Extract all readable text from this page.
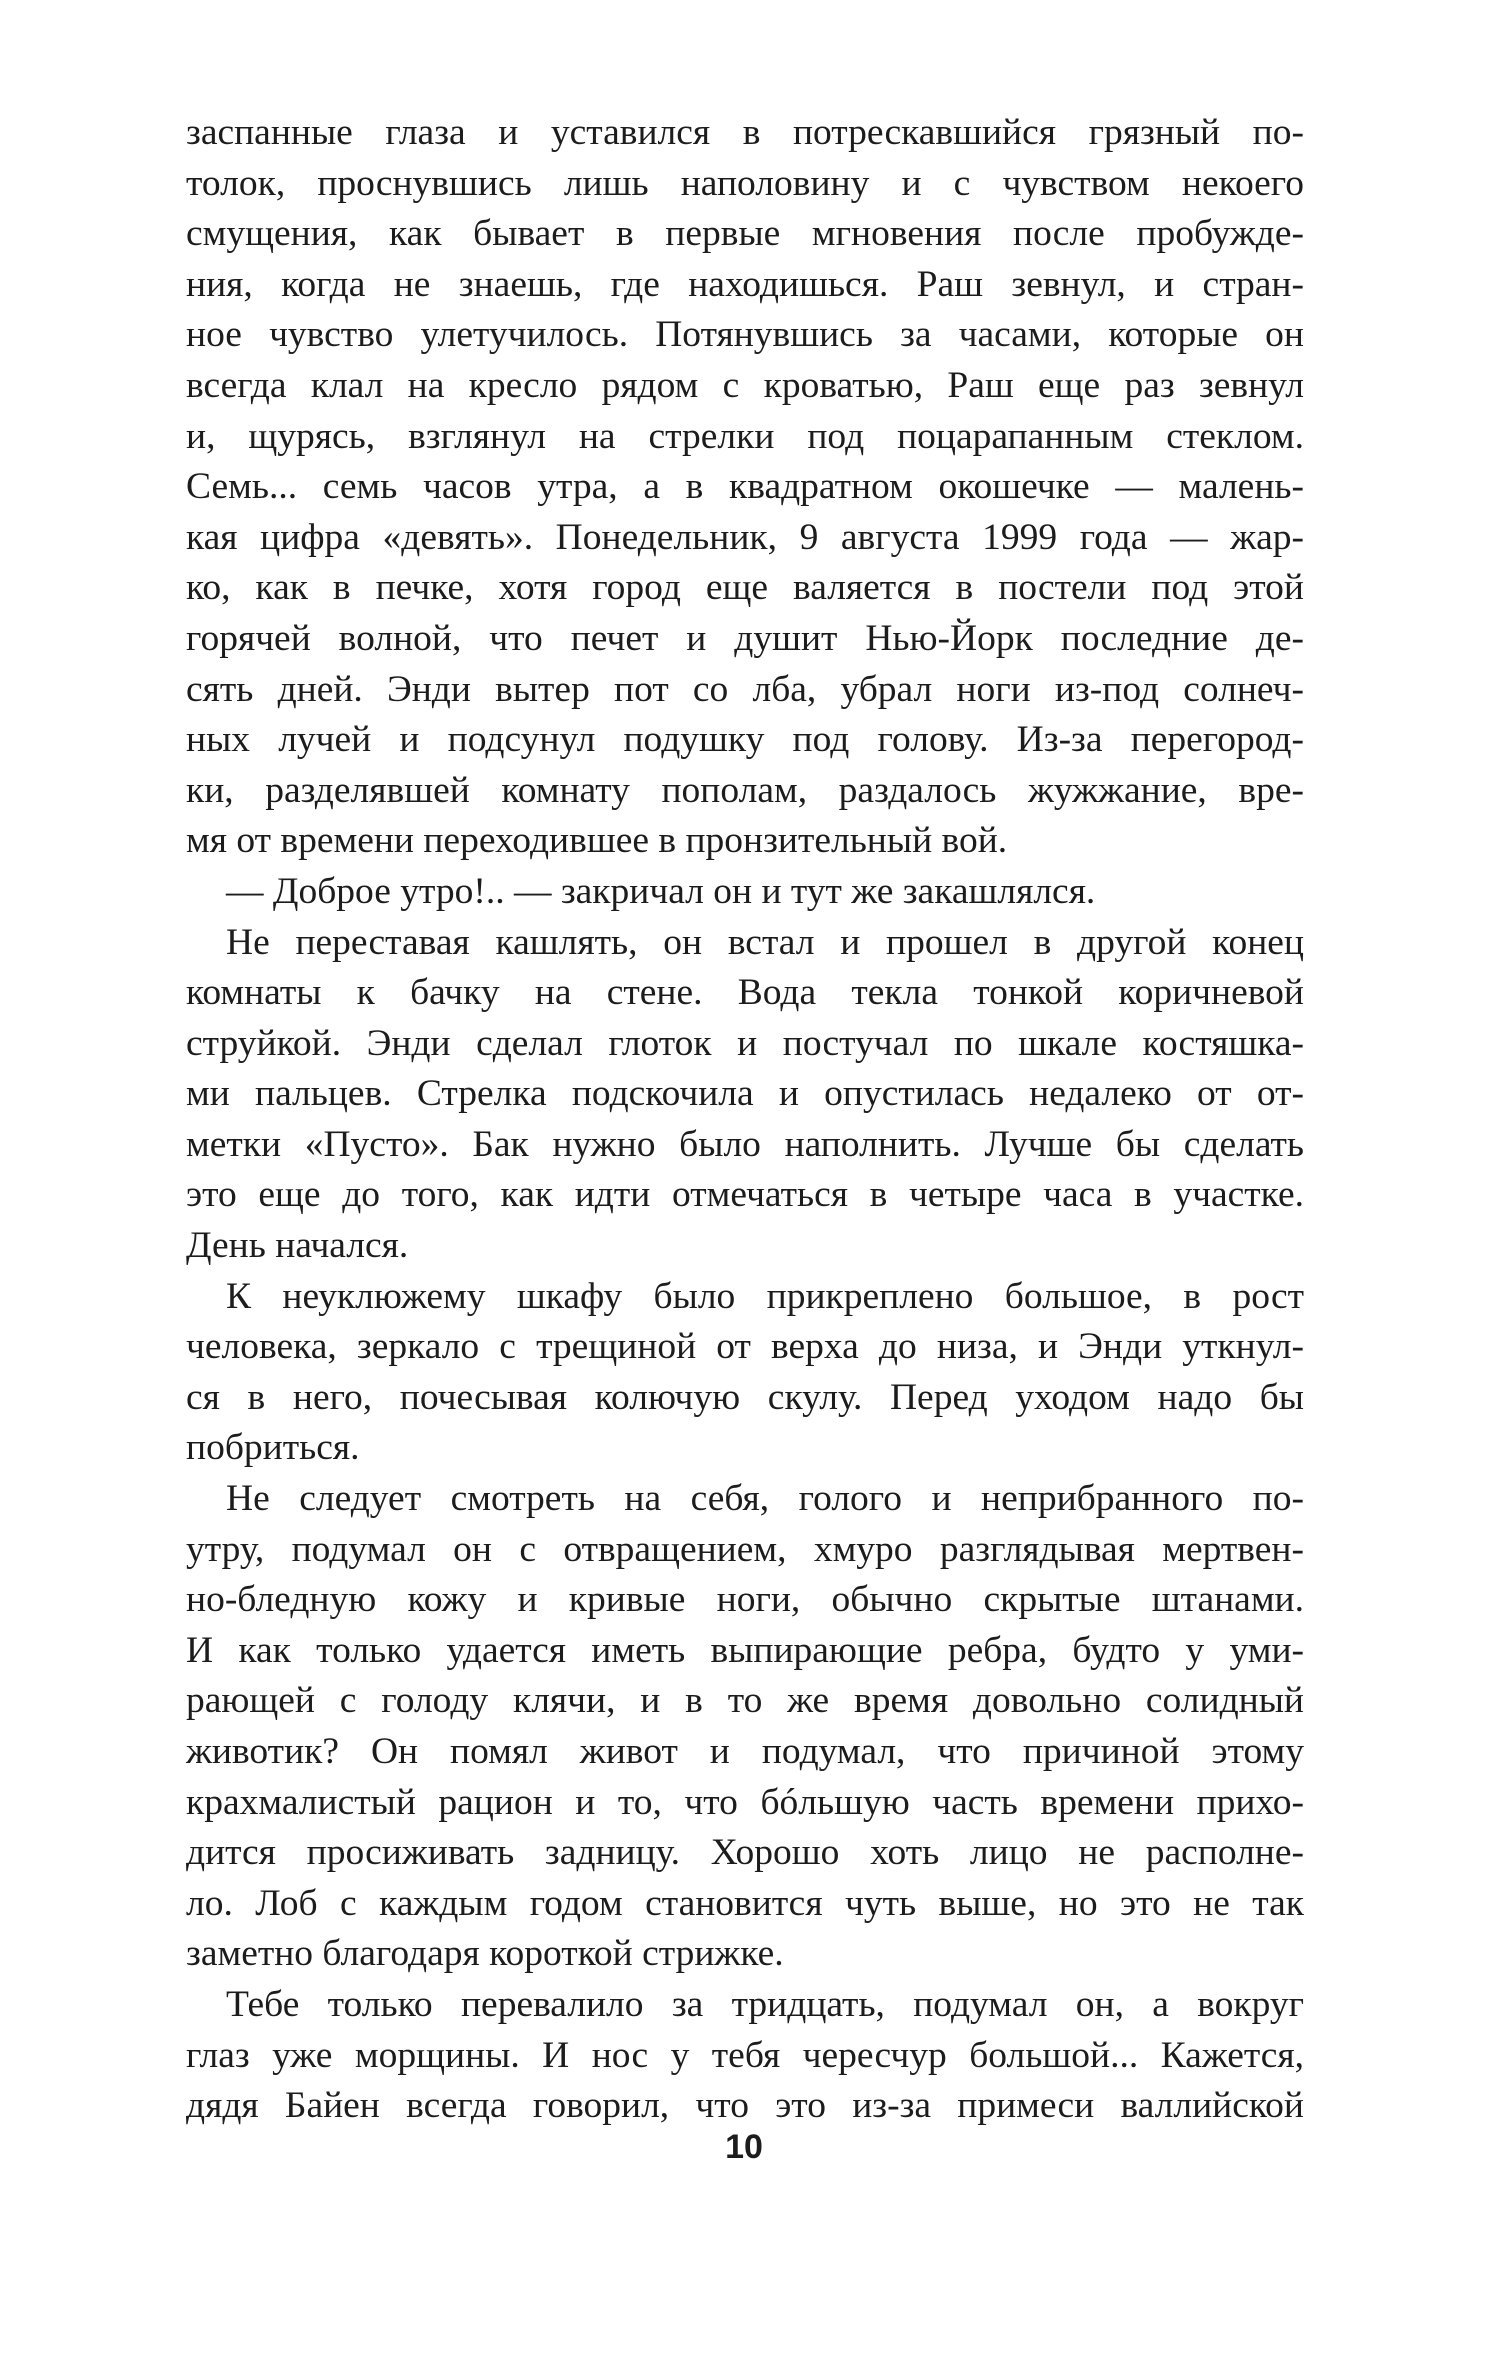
заспанные глаза и уставился в потрескавшийся грязный по-
толок, проснувшись лишь наполовину и с чувством некоего
смущения, как бывает в первые мгновения после пробужде-
ния, когда не знаешь, где находишься. Раш зевнул, и стран-
ное чувство улетучилось. Потянувшись за часами, которые он
всегда клал на кресло рядом с кроватью, Раш еще раз зевнул
и, щурясь, взглянул на стрелки под поцарапанным стеклом.
Семь... семь часов утра, а в квадратном окошечке — малень-
кая цифра «девять». Понедельник, 9 августа 1999 года — жар-
ко, как в печке, хотя город еще валяется в постели под этой
горячей волной, что печет и душит Нью-Йорк последние де-
сять дней. Энди вытер пот со лба, убрал ноги из-под солнеч-
ных лучей и подсунул подушку под голову. Из-за перегород-
ки, разделявшей комнату пополам, раздалось жужжание, вре-
мя от времени переходившее в пронзительный вой.
— Доброе утро!.. — закричал он и тут же закашлялся.
Не переставая кашлять, он встал и прошел в другой конец
комнаты к бачку на стене. Вода текла тонкой коричневой
струйкой. Энди сделал глоток и постучал по шкале костяшка-
ми пальцев. Стрелка подскочила и опустилась недалеко от от-
метки «Пусто». Бак нужно было наполнить. Лучше бы сделать
это еще до того, как идти отмечаться в четыре часа в участке.
День начался.
К неуклюжему шкафу было прикреплено большое, в рост
человека, зеркало с трещиной от верха до низа, и Энди уткнул-
ся в него, почесывая колючую скулу. Перед уходом надо бы
побриться.
Не следует смотреть на себя, голого и неприбранного по-
утру, подумал он с отвращением, хмуро разглядывая мертвен-
но-бледную кожу и кривые ноги, обычно скрытые штанами.
И как только удается иметь выпирающие ребра, будто у уми-
рающей с голоду клячи, и в то же время довольно солидный
животик? Он помял живот и подумал, что причиной этому
крахмалистый рацион и то, что бóльшую часть времени прихо-
дится просиживать задницу. Хорошо хоть лицо не располне-
ло. Лоб с каждым годом становится чуть выше, но это не так
заметно благодаря короткой стрижке.
Тебе только перевалило за тридцать, подумал он, а вокруг
глаз уже морщины. И нос у тебя чересчур большой... Кажется,
дядя Байен всегда говорил, что это из-за примеси валлийской
10
